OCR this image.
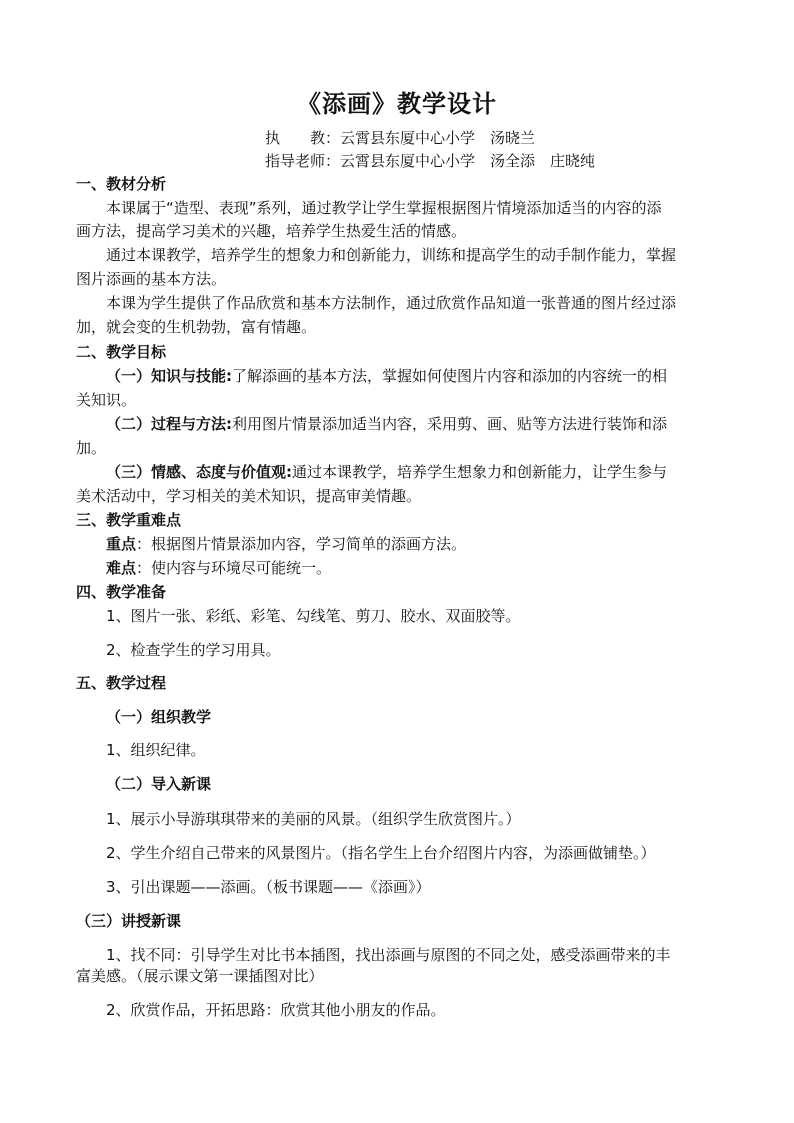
《添画》教学设计
执　　教：云霄县东厦中心小学　汤晓兰
指导老师：云霄县东厦中心小学　汤全添　庄晓纯
一、教材分析
本课属于“造型、表现”系列，通过教学让学生掌握根据图片情境添加适当的内容的添
画方法，提高学习美术的兴趣，培养学生热爱生活的情感。
通过本课教学，培养学生的想象力和创新能力，训练和提高学生的动手制作能力，掌握
图片添画的基本方法。
本课为学生提供了作品欣赏和基本方法制作，通过欣赏作品知道一张普通的图片经过添
加，就会变的生机勃勃，富有情趣。
二、教学目标
（一）知识与技能:了解添画的基本方法，掌握如何使图片内容和添加的内容统一的相
关知识。
（二）过程与方法:利用图片情景添加适当内容，采用剪、画、贴等方法进行装饰和添
加。
（三）情感、态度与价值观:通过本课教学，培养学生想象力和创新能力，让学生参与
美术活动中，学习相关的美术知识，提高审美情趣。
三、教学重难点
重点：根据图片情景添加内容，学习简单的添画方法。
难点：使内容与环境尽可能统一。
四、教学准备
1、图片一张、彩纸、彩笔、勾线笔、剪刀、胶水、双面胶等。
2、检查学生的学习用具。
五、教学过程
（一）组织教学
1、组织纪律。
（二）导入新课
1、展示小导游琪琪带来的美丽的风景。（组织学生欣赏图片。）
2、学生介绍自己带来的风景图片。（指名学生上台介绍图片内容，为添画做铺垫。）
3、引出课题——添画。（板书课题——《添画》）
（三）讲授新课
1、找不同：引导学生对比书本插图，找出添画与原图的不同之处，感受添画带来的丰
富美感。（展示课文第一课插图对比）
2、欣赏作品，开拓思路：欣赏其他小朋友的作品。
